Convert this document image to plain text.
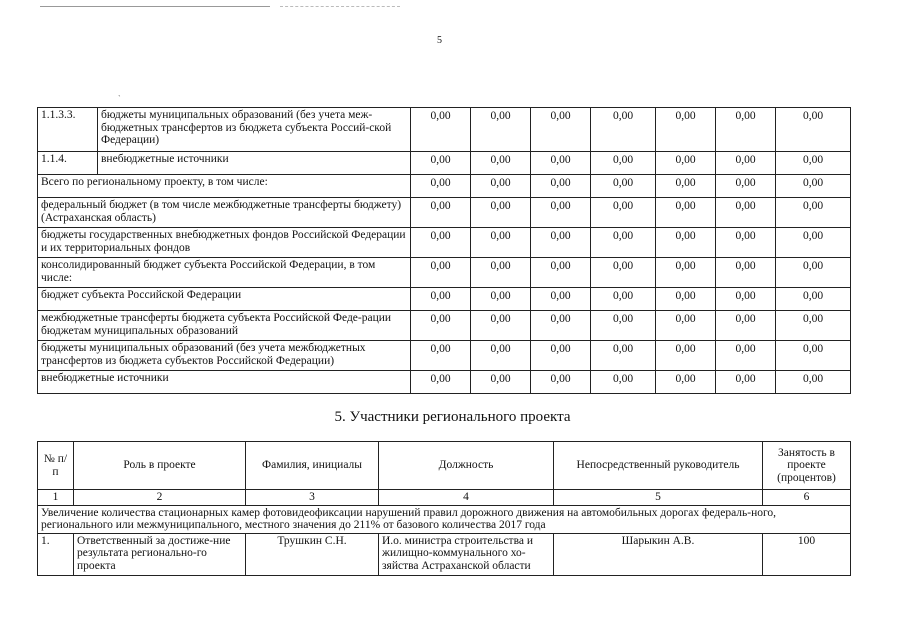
5
`
1.1.3.3.	бюджеты муниципальных образований (без учета меж-бюджетных трансфертов из бюджета субъекта Россий-ской Федерации)	0,00	0,00	0,00	0,00	0,00	0,00	0,00
1.1.4.	внебюджетные источники	0,00	0,00	0,00	0,00	0,00	0,00	0,00
Всего по региональному проекту, в том числе:		0,00	0,00	0,00	0,00	0,00	0,00	0,00
федеральный бюджет (в том числе межбюджетные трансферты бюджету) (Астраханская область)		0,00	0,00	0,00	0,00	0,00	0,00	0,00
бюджеты государственных внебюджетных фондов Российской Федерации и их территориальных фондов		0,00	0,00	0,00	0,00	0,00	0,00	0,00
консолидированный бюджет субъекта Российской Федерации, в том числе:		0,00	0,00	0,00	0,00	0,00	0,00	0,00
бюджет субъекта Российской Федерации		0,00	0,00	0,00	0,00	0,00	0,00	0,00
межбюджетные трансферты бюджета субъекта Российской Феде-рации бюджетам муниципальных образований		0,00	0,00	0,00	0,00	0,00	0,00	0,00
бюджеты муниципальных образований (без учета межбюджетных трансфертов из бюджета субъектов Российской Федерации)		0,00	0,00	0,00	0,00	0,00	0,00	0,00
внебюджетные источники		0,00	0,00	0,00	0,00	0,00	0,00	0,00
5. Участники регионального проекта
№ п/п	Роль в проекте	Фамилия, инициалы	Должность	Непосредственный руководитель	Занятость в проекте (процентов)
1	2	3	4	5	6
Увеличение количества стационарных камер фотовидеофиксации нарушений правил дорожного движения на автомобильных дорогах федераль-ного, регионального или межмуниципального, местного значения до 211% от базового количества 2017 года					
1.	Ответственный за достиже-ние результата регионально-го проекта	Трушкин С.Н.	И.о. министра строительства и жилищно-коммунального хо-зяйства Астраханской области	Шарыкин А.В.	100
